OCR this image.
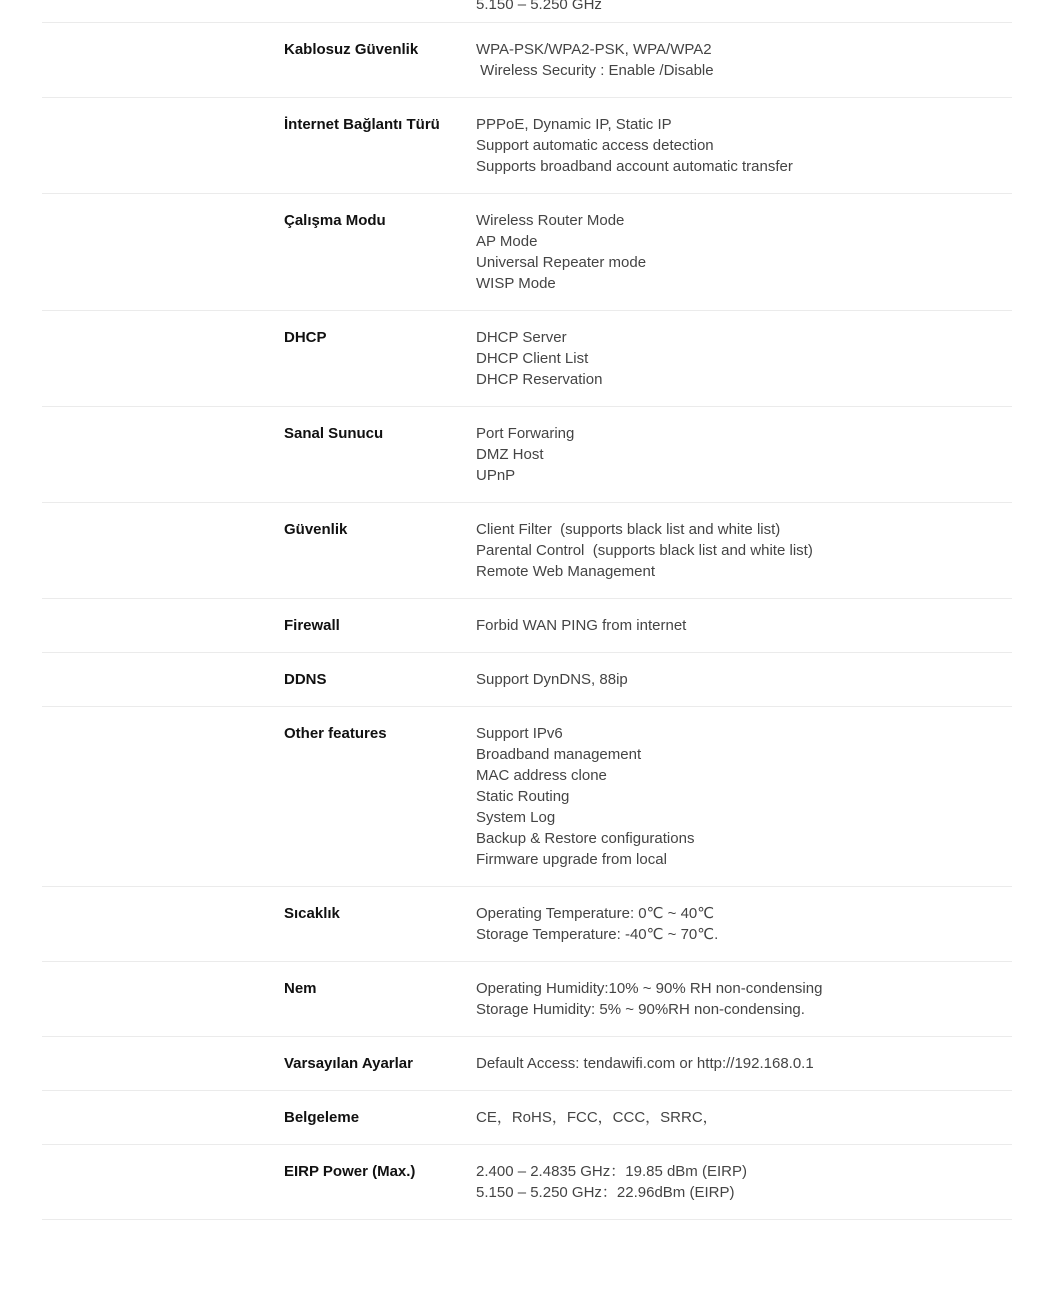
5.150 – 5.250 GHz
Kablosuz Güvenlik	WPA-PSK/WPA2-PSK, WPA/WPA2
Wireless Security : Enable /Disable
İnternet Bağlantı Türü	PPPoE, Dynamic IP, Static IP
Support automatic access detection
Supports broadband account automatic transfer
Çalışma Modu	Wireless Router Mode
AP Mode
Universal Repeater mode
WISP Mode
DHCP	DHCP Server
DHCP Client List
DHCP Reservation
Sanal Sunucu	Port Forwaring
DMZ Host
UPnP
Güvenlik	Client Filter  (supports black list and white list)
Parental Control  (supports black list and white list)
Remote Web Management
Firewall	Forbid WAN PING from internet
DDNS	Support DynDNS, 88ip
Other features	Support IPv6
Broadband management
MAC address clone
Static Routing
System Log
Backup & Restore configurations
Firmware upgrade from local
Sıcaklık	Operating Temperature: 0℃ ~ 40℃
Storage Temperature: -40℃ ~ 70℃.
Nem	Operating Humidity:10% ~ 90% RH non-condensing
Storage Humidity: 5% ~ 90%RH non-condensing.
Varsayılan Ayarlar	Default Access: tendawifi.com or http://192.168.0.1
Belgeleme	CE，RoHS，FCC，CCC，SRRC，
EIRP Power (Max.)	2.400 – 2.4835 GHz：19.85 dBm (EIRP)
5.150 – 5.250 GHz：22.96dBm (EIRP)
